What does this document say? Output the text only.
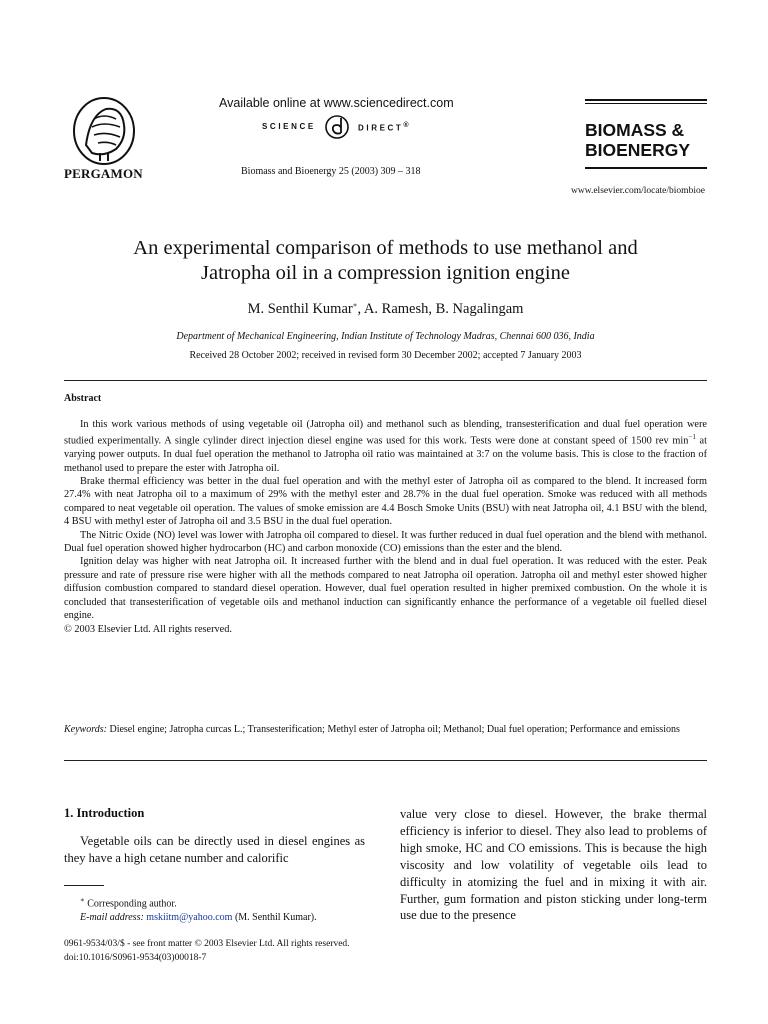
PERGAMON
Available online at www.sciencedirect.com
SCIENCE	DIRECT®
Biomass and Bioenergy 25 (2003) 309 – 318
BIOMASS &
BIOENERGY
www.elsevier.com/locate/biombioe
An experimental comparison of methods to use methanol and
Jatropha oil in a compression ignition engine
M. Senthil Kumar∗, A. Ramesh, B. Nagalingam
Department of Mechanical Engineering, Indian Institute of Technology Madras, Chennai 600 036, India
Received 28 October 2002; received in revised form 30 December 2002; accepted 7 January 2003
Abstract

In this work various methods of using vegetable oil (Jatropha oil) and methanol such as blending, transesterification and dual fuel operation were studied experimentally. A single cylinder direct injection diesel engine was used for this work. Tests were done at constant speed of 1500 rev $\min^{-1}$ at varying power outputs. In dual fuel operation the methanol to Jatropha oil ratio was maintained at 3:7 on the volume basis. This is close to the fraction of methanol used to prepare the ester with Jatropha oil.

Brake thermal efficiency was better in the dual fuel operation and with the methyl ester of Jatropha oil as compared to the blend. It increased form 27.4% with neat Jatropha oil to a maximum of 29% with the methyl ester and 28.7% in the dual fuel operation. Smoke was reduced with all methods compared to neat vegetable oil operation. The values of smoke emission are 4.4 Bosch Smoke Units (BSU) with neat Jatropha oil, 4.1 BSU with the blend, 4 BSU with methyl ester of Jatropha oil and 3.5 BSU in the dual fuel operation.

The Nitric Oxide (NO) level was lower with Jatropha oil compared to diesel. It was further reduced in dual fuel operation and the blend with methanol. Dual fuel operation showed higher hydrocarbon (HC) and carbon monoxide (CO) emissions than the ester and the blend.

Ignition delay was higher with neat Jatropha oil. It increased further with the blend and in dual fuel operation. It was reduced with the ester. Peak pressure and rate of pressure rise were higher with all the methods compared to neat Jatropha oil operation. Jatropha oil and methyl ester showed higher diffusion combustion compared to standard diesel operation. However, dual fuel operation resulted in higher premixed combustion. On the whole it is concluded that transesterification of vegetable oils and methanol induction can significantly enhance the performance of a vegetable oil fuelled diesel engine.

© 2003 Elsevier Ltd. All rights reserved.

Keywords: Diesel engine; Jatropha curcas L.; Transesterification; Methyl ester of Jatropha oil; Methanol; Dual fuel operation; Performance and emissions
1. Introduction

Vegetable oils can be directly used in diesel engines as they have a high cetane number and calorific

value very close to diesel. However, the brake thermal efficiency is inferior to diesel. They also lead to problems of high smoke, HC and CO emissions. This is because the high viscosity and low volatility of vegetable oils lead to difficulty in atomizing the fuel and in mixing it with air. Further, gum formation and piston sticking under long-term use due to the presence

∗ Corresponding author.
E-mail address: mskiitm@yahoo.com (M. Senthil Kumar).
0961-9534/03/$ - see front matter © 2003 Elsevier Ltd. All rights reserved.
doi:10.1016/S0961-9534(03)00018-7
